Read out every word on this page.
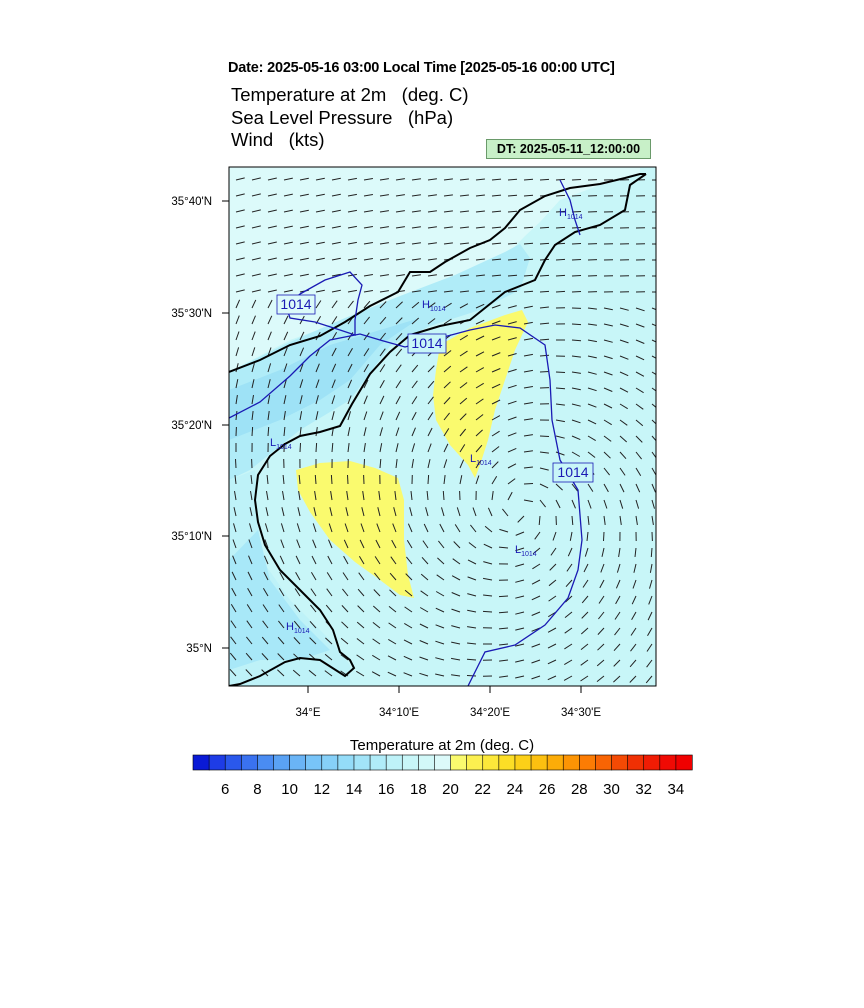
Date: 2025-05-16 03:00 Local Time [2025-05-16 00:00 UTC]
Temperature at 2m   (deg. C)
Sea Level Pressure   (hPa)
Wind   (kts)	DT: 2025-05-11_12:00:00
1014
1014
1014
$H_{1014}$
$H_{1014}$
$L_{1014}$
$L_{1014}$
$L_{1014}$
$H_{1014}$
35°40'N
35°30'N
35°20'N
35°10'N
35°N
34°E	34°10'E	34°20'E	34°30'E
6 8 10 12 14 16 18 20 22 24 26 28 30 32 34
Temperature at 2m (deg. C)
